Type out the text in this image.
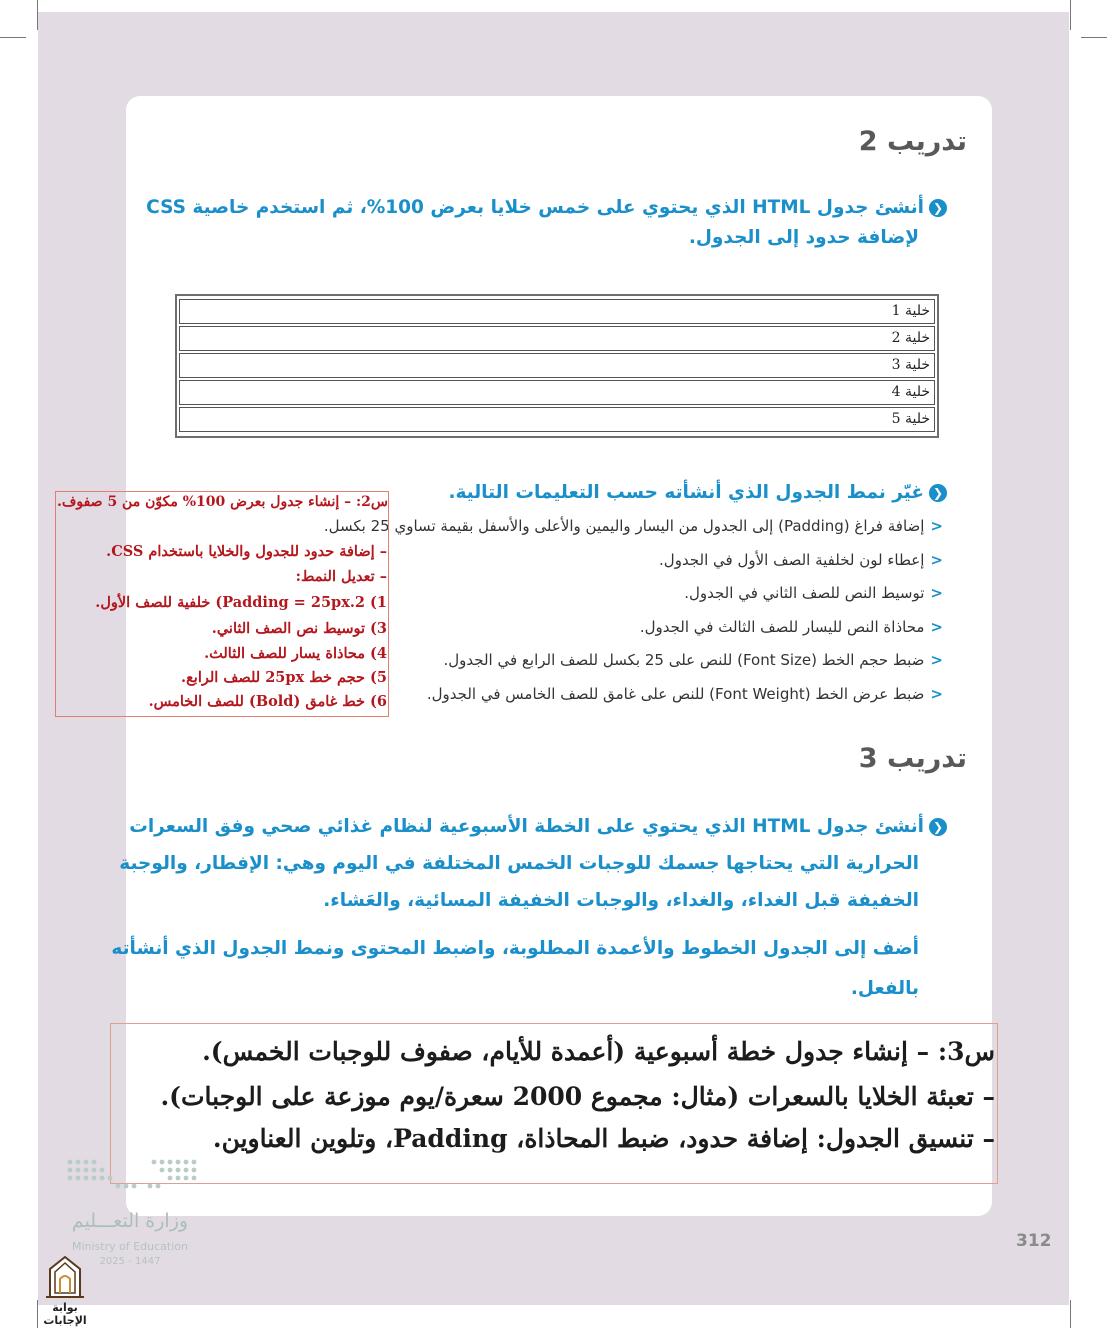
تدريب 2
❮أنشئ جدول HTML الذي يحتوي على خمس خلايا بعرض 100%، ثم استخدم خاصية CSS
لإضافة حدود إلى الجدول.
خلية 1
خلية 2
خلية 3
خلية 4
خلية 5
❮غيّر نمط الجدول الذي أنشأته حسب التعليمات التالية.
<إضافة فراغ (Padding) إلى الجدول من اليسار واليمين والأعلى والأسفل بقيمة تساوي 25 بكسل.
<إعطاء لون لخلفية الصف الأول في الجدول.
<توسيط النص للصف الثاني في الجدول.
<محاذاة النص لليسار للصف الثالث في الجدول.
<ضبط حجم الخط (Font Size) للنص على 25 بكسل للصف الرابع في الجدول.
<ضبط عرض الخط (Font Weight) للنص على غامق للصف الخامس في الجدول.
س2: – إنشاء جدول بعرض 100% مكوّن من 5 صفوف.
– إضافة حدود للجدول والخلايا باستخدام CSS.
– تعديل النمط:
1) Padding = 25px.2) خلفية للصف الأول.
3) توسيط نص الصف الثاني.
4) محاذاة يسار للصف الثالث.
5) حجم خط 25px للصف الرابع.
6) خط غامق (Bold) للصف الخامس.
تدريب 3
❮أنشئ جدول HTML الذي يحتوي على الخطة الأسبوعية لنظام غذائي صحي وفق السعرات
الحرارية التي يحتاجها جسمك للوجبات الخمس المختلفة في اليوم وهي: الإفطار، والوجبة
الخفيفة قبل الغداء، والغداء، والوجبات الخفيفة المسائية، والعَشاء.
أضف إلى الجدول الخطوط والأعمدة المطلوبة، واضبط المحتوى ونمط الجدول الذي أنشأته
بالفعل.
س3: – إنشاء جدول خطة أسبوعية (أعمدة للأيام، صفوف للوجبات الخمس).
– تعبئة الخلايا بالسعرات (مثال: مجموع 2000 سعرة/يوم موزعة على الوجبات).
– تنسيق الجدول: إضافة حدود، ضبط المحاذاة، Padding، وتلوين العناوين.
312
وزارة التعـــليم
Ministry of Education
2025 - 1447
بوابة الإجابات
